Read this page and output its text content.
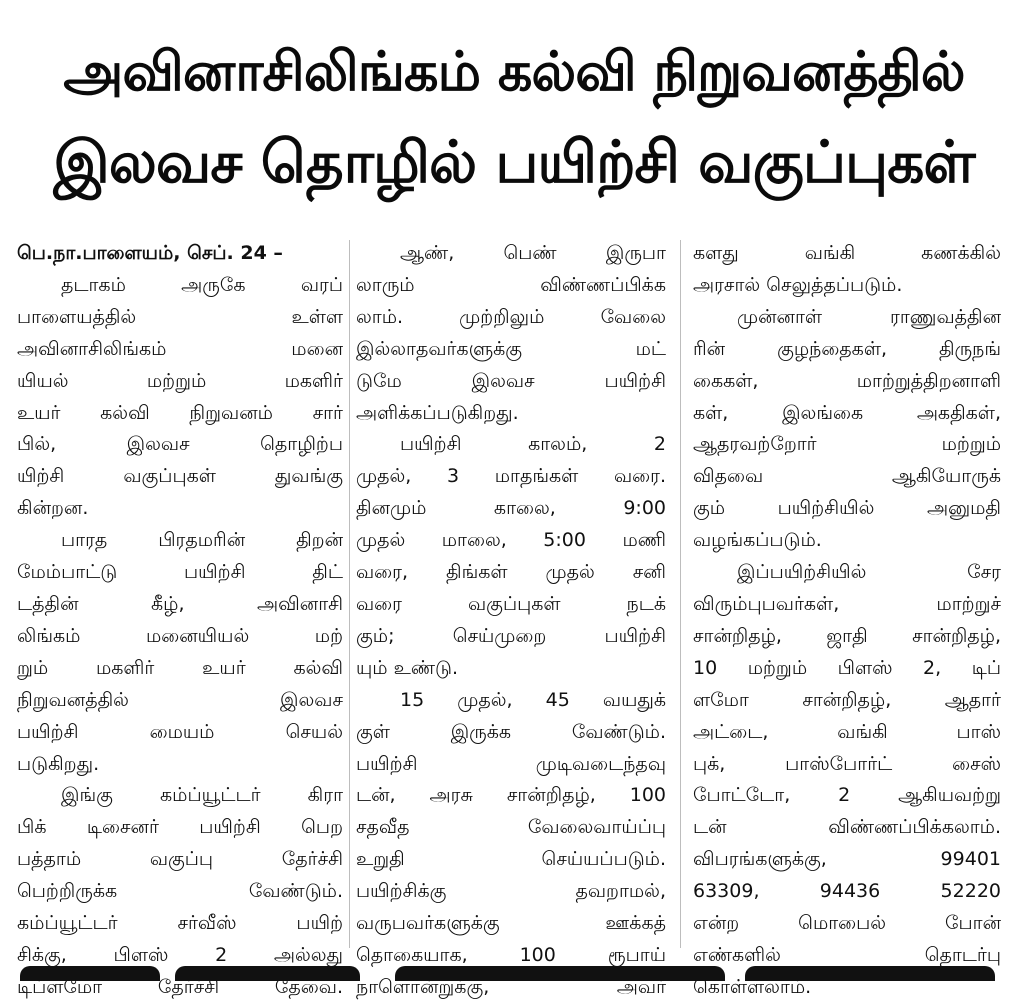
அவினாசிலிங்கம் கல்வி நிறுவனத்தில்
இலவச தொழில் பயிற்சி வகுப்புகள்

பெ.நா.பாளையம், செப். 24 –

தடாகம் அருகே வரப்

பாளையத்தில் உள்ள

அவினாசிலிங்கம் மனை

யியல் மற்றும் மகளிர்

உயர் கல்வி நிறுவனம் சார்

பில், இலவச தொழிற்ப

யிற்சி வகுப்புகள் துவங்கு

கின்றன.

பாரத பிரதமரின் திறன்

மேம்பாட்டு பயிற்சி திட்

டத்தின் கீழ், அவினாசி

லிங்கம் மனையியல் மற்

றும் மகளிர் உயர் கல்வி

நிறுவனத்தில் இலவச

பயிற்சி மையம் செயல்

படுகிறது.

இங்கு கம்ப்யூட்டர் கிரா

பிக் டிசைனர் பயிற்சி பெற

பத்தாம் வகுப்பு தேர்ச்சி

பெற்றிருக்க வேண்டும்.

கம்ப்யூட்டர் சர்வீஸ் பயிற்

சிக்கு, பிளஸ் 2 அல்லது

டிப்ளமோ தேர்ச்சி தேவை.

ஆண், பெண் இருபா

லாரும் விண்ணப்பிக்க

லாம். முற்றிலும் வேலை

இல்லாதவர்களுக்கு மட்

டுமே இலவச பயிற்சி

அளிக்கப்படுகிறது.

பயிற்சி காலம், 2

முதல், 3 மாதங்கள் வரை.

தினமும் காலை, 9:00

முதல் மாலை, 5:00 மணி

வரை, திங்கள் முதல் சனி

வரை வகுப்புகள் நடக்

கும்; செய்முறை பயிற்சி

யும் உண்டு.

15 முதல், 45 வயதுக்

குள் இருக்க வேண்டும்.

பயிற்சி முடிவடைந்தவு

டன், அரசு சான்றிதழ், 100

சதவீத வேலைவாய்ப்பு

உறுதி செய்யப்படும்.

பயிற்சிக்கு தவறாமல்,

வருபவர்களுக்கு ஊக்கத்

தொகையாக, 100 ரூபாய்

நாளொன்றுக்கு, அவர்

களது வங்கி கணக்கில்

அரசால் செலுத்தப்படும்.

முன்னாள் ராணுவத்தின

ரின் குழந்தைகள், திருநங்

கைகள், மாற்றுத்திறனாளி

கள், இலங்கை அகதிகள்,

ஆதரவற்றோர் மற்றும்

விதவை ஆகியோருக்

கும் பயிற்சியில் அனுமதி

வழங்கப்படும்.

இப்பயிற்சியில் சேர

விரும்புபவர்கள், மாற்றுச்

சான்றிதழ், ஜாதி சான்றிதழ்,

10 மற்றும் பிளஸ் 2, டிப்

ளமோ சான்றிதழ், ஆதார்

அட்டை, வங்கி பாஸ்

புக், பாஸ்போர்ட் சைஸ்

போட்டோ, 2 ஆகியவற்று

டன் விண்ணப்பிக்கலாம்.

விபரங்களுக்கு, 99401

63309, 94436 52220

என்ற மொபைல் போன்

எண்களில் தொடர்பு

கொள்ளலாம்.
